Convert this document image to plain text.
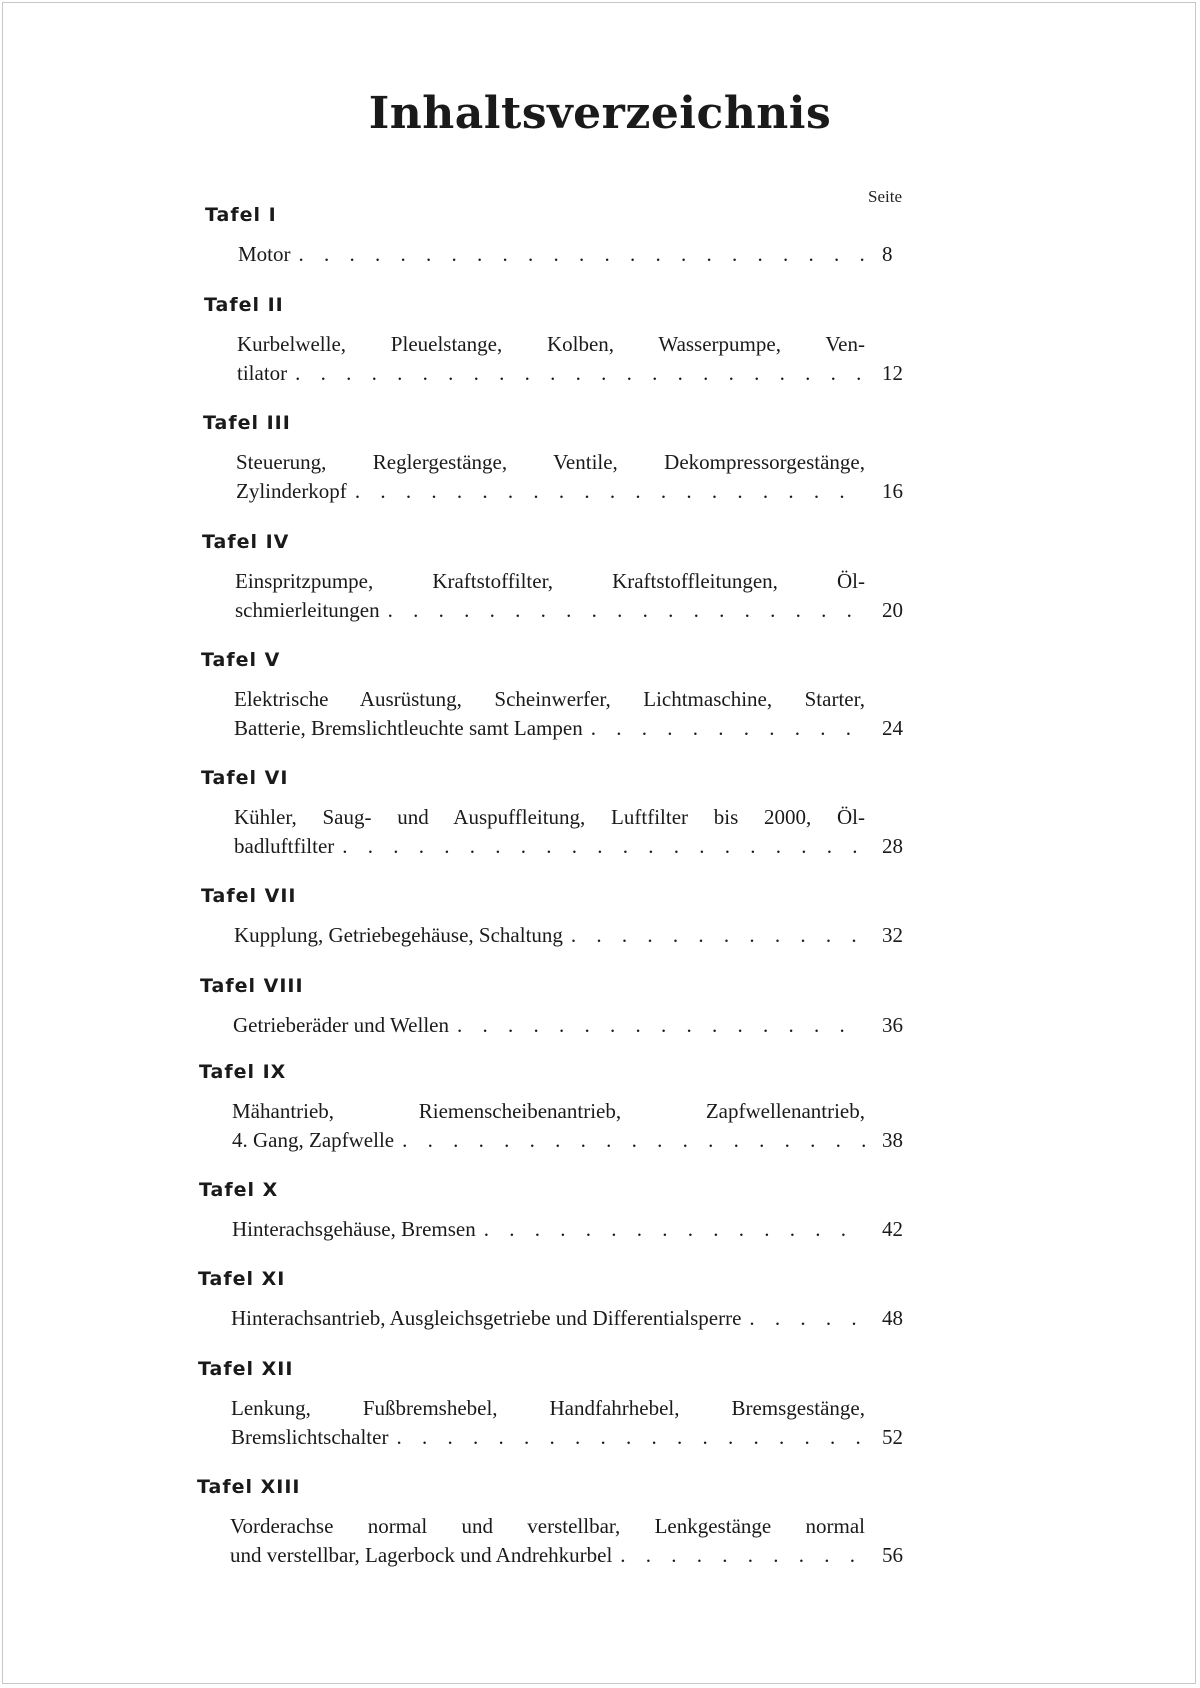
Inhaltsverzeichnis
Seite
Tafel I
Motor . . .	8
Tafel II
Kurbelwelle, Pleuelstange, Kolben, Wasserpumpe, Ven-
tilator . . .	12
Tafel III
Steuerung, Reglergestänge, Ventile, Dekompressorgestänge,
Zylinderkopf . . .	16
Tafel IV
Einspritzpumpe, Kraftstoffilter, Kraftstoffleitungen, Öl-
schmierleitungen . . .	20
Tafel V
Elektrische Ausrüstung, Scheinwerfer, Lichtmaschine, Starter,
Batterie, Bremslichtleuchte samt Lampen . . .	24
Tafel VI
Kühler, Saug- und Auspuffleitung, Luftfilter bis 2000, Öl-
badluftfilter . . .	28
Tafel VII
Kupplung, Getriebegehäuse, Schaltung . . .	32
Tafel VIII
Getrieberäder und Wellen . . .	36
Tafel IX
Mähantrieb, Riemenscheibenantrieb, Zapfwellenantrieb,
4. Gang, Zapfwelle . . .	38
Tafel X
Hinterachsgehäuse, Bremsen . . .	42
Tafel XI
Hinterachsantrieb, Ausgleichsgetriebe und Differentialsperre . . .	48
Tafel XII
Lenkung, Fußbremshebel, Handfahrhebel, Bremsgestänge,
Bremslichtschalter . . .	52
Tafel XIII
Vorderachse normal und verstellbar, Lenkgestänge normal
und verstellbar, Lagerbock und Andrehkurbel . . .	56
